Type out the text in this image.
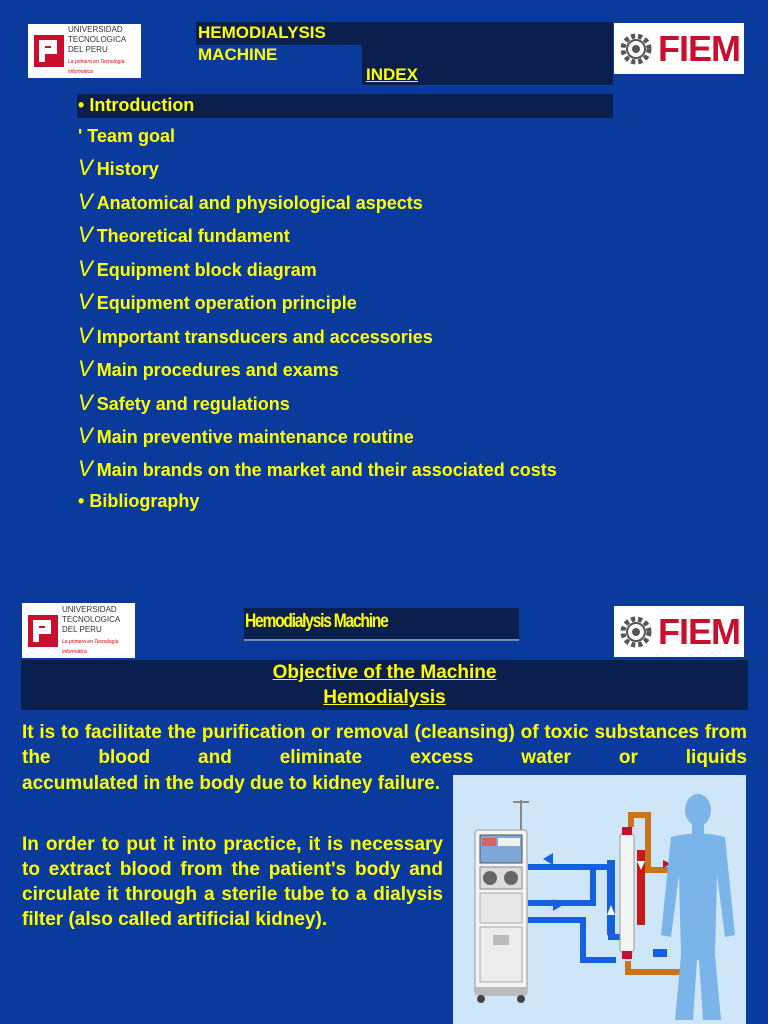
UNIVERSIDAD
TECNOLOGICA
DEL PERU
La primera en Tecnología Informática
HEMODIALYSIS MACHINE
INDEX
FIEM
• Introduction
' Team goal
V History
V Anatomical and physiological aspects
V Theoretical fundament
V Equipment block diagram
V Equipment operation principle
V Important transducers and accessories
V Main procedures and exams
V Safety and regulations
V Main preventive maintenance routine
V Main brands on the market and their associated costs
• Bibliography
UNIVERSIDAD
TECNOLOGICA
DEL PERU
La primera en Tecnología Informática
Hemodialysis Machine	FIEM
Objective of the Machine
Hemodialysis

It is to facilitate the purification or removal (cleansing) of toxic substances from the blood and eliminate excess water or liquids

accumulated in the body due to kidney failure.

In order to put it into practice, it is necessary to extract blood from the patient's body and circulate it through a sterile tube to a dialysis filter (also called artificial kidney).
